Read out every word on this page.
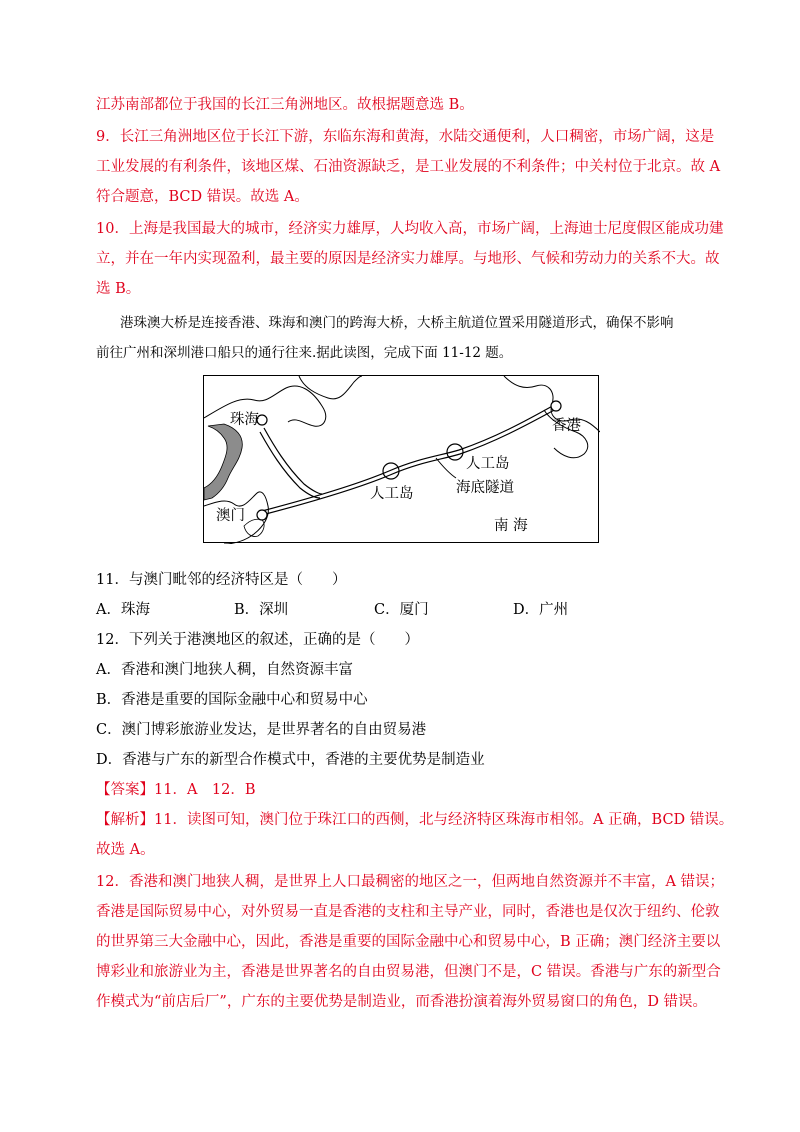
江苏南部都位于我国的长江三角洲地区。故根据题意选 B。
9．长江三角洲地区位于长江下游，东临东海和黄海，水陆交通便利，人口稠密，市场广阔，这是
工业发展的有利条件，该地区煤、石油资源缺乏，是工业发展的不利条件；中关村位于北京。故 A
符合题意，BCD 错误。故选 A。
10．上海是我国最大的城市，经济实力雄厚，人均收入高，市场广阔，上海迪士尼度假区能成功建
立，并在一年内实现盈利，最主要的原因是经济实力雄厚。与地形、气候和劳动力的关系不大。故
选 B。
港珠澳大桥是连接香港、珠海和澳门的跨海大桥，大桥主航道位置采用隧道形式，确保不影响
前往广州和深圳港口船只的通行往来.据此读图，完成下面 11-12 题。
珠海
澳门
香港
人工岛
人工岛
海底隧道
南 海
11．与澳门毗邻的经济特区是（　　）
A．珠海	B．深圳	C．厦门	D．广州
12．下列关于港澳地区的叙述，正确的是（　　）
A．香港和澳门地狭人稠，自然资源丰富
B．香港是重要的国际金融中心和贸易中心
C．澳门博彩旅游业发达，是世界著名的自由贸易港
D．香港与广东的新型合作模式中，香港的主要优势是制造业
【答案】11．A　12．B
【解析】11．读图可知，澳门位于珠江口的西侧，北与经济特区珠海市相邻。A 正确，BCD 错误。
故选 A。
12．香港和澳门地狭人稠，是世界上人口最稠密的地区之一，但两地自然资源并不丰富，A 错误；
香港是国际贸易中心，对外贸易一直是香港的支柱和主导产业，同时，香港也是仅次于纽约、伦敦
的世界第三大金融中心，因此，香港是重要的国际金融中心和贸易中心，B 正确；澳门经济主要以
博彩业和旅游业为主，香港是世界著名的自由贸易港，但澳门不是，C 错误。香港与广东的新型合
作模式为“前店后厂”，广东的主要优势是制造业，而香港扮演着海外贸易窗口的角色，D 错误。
